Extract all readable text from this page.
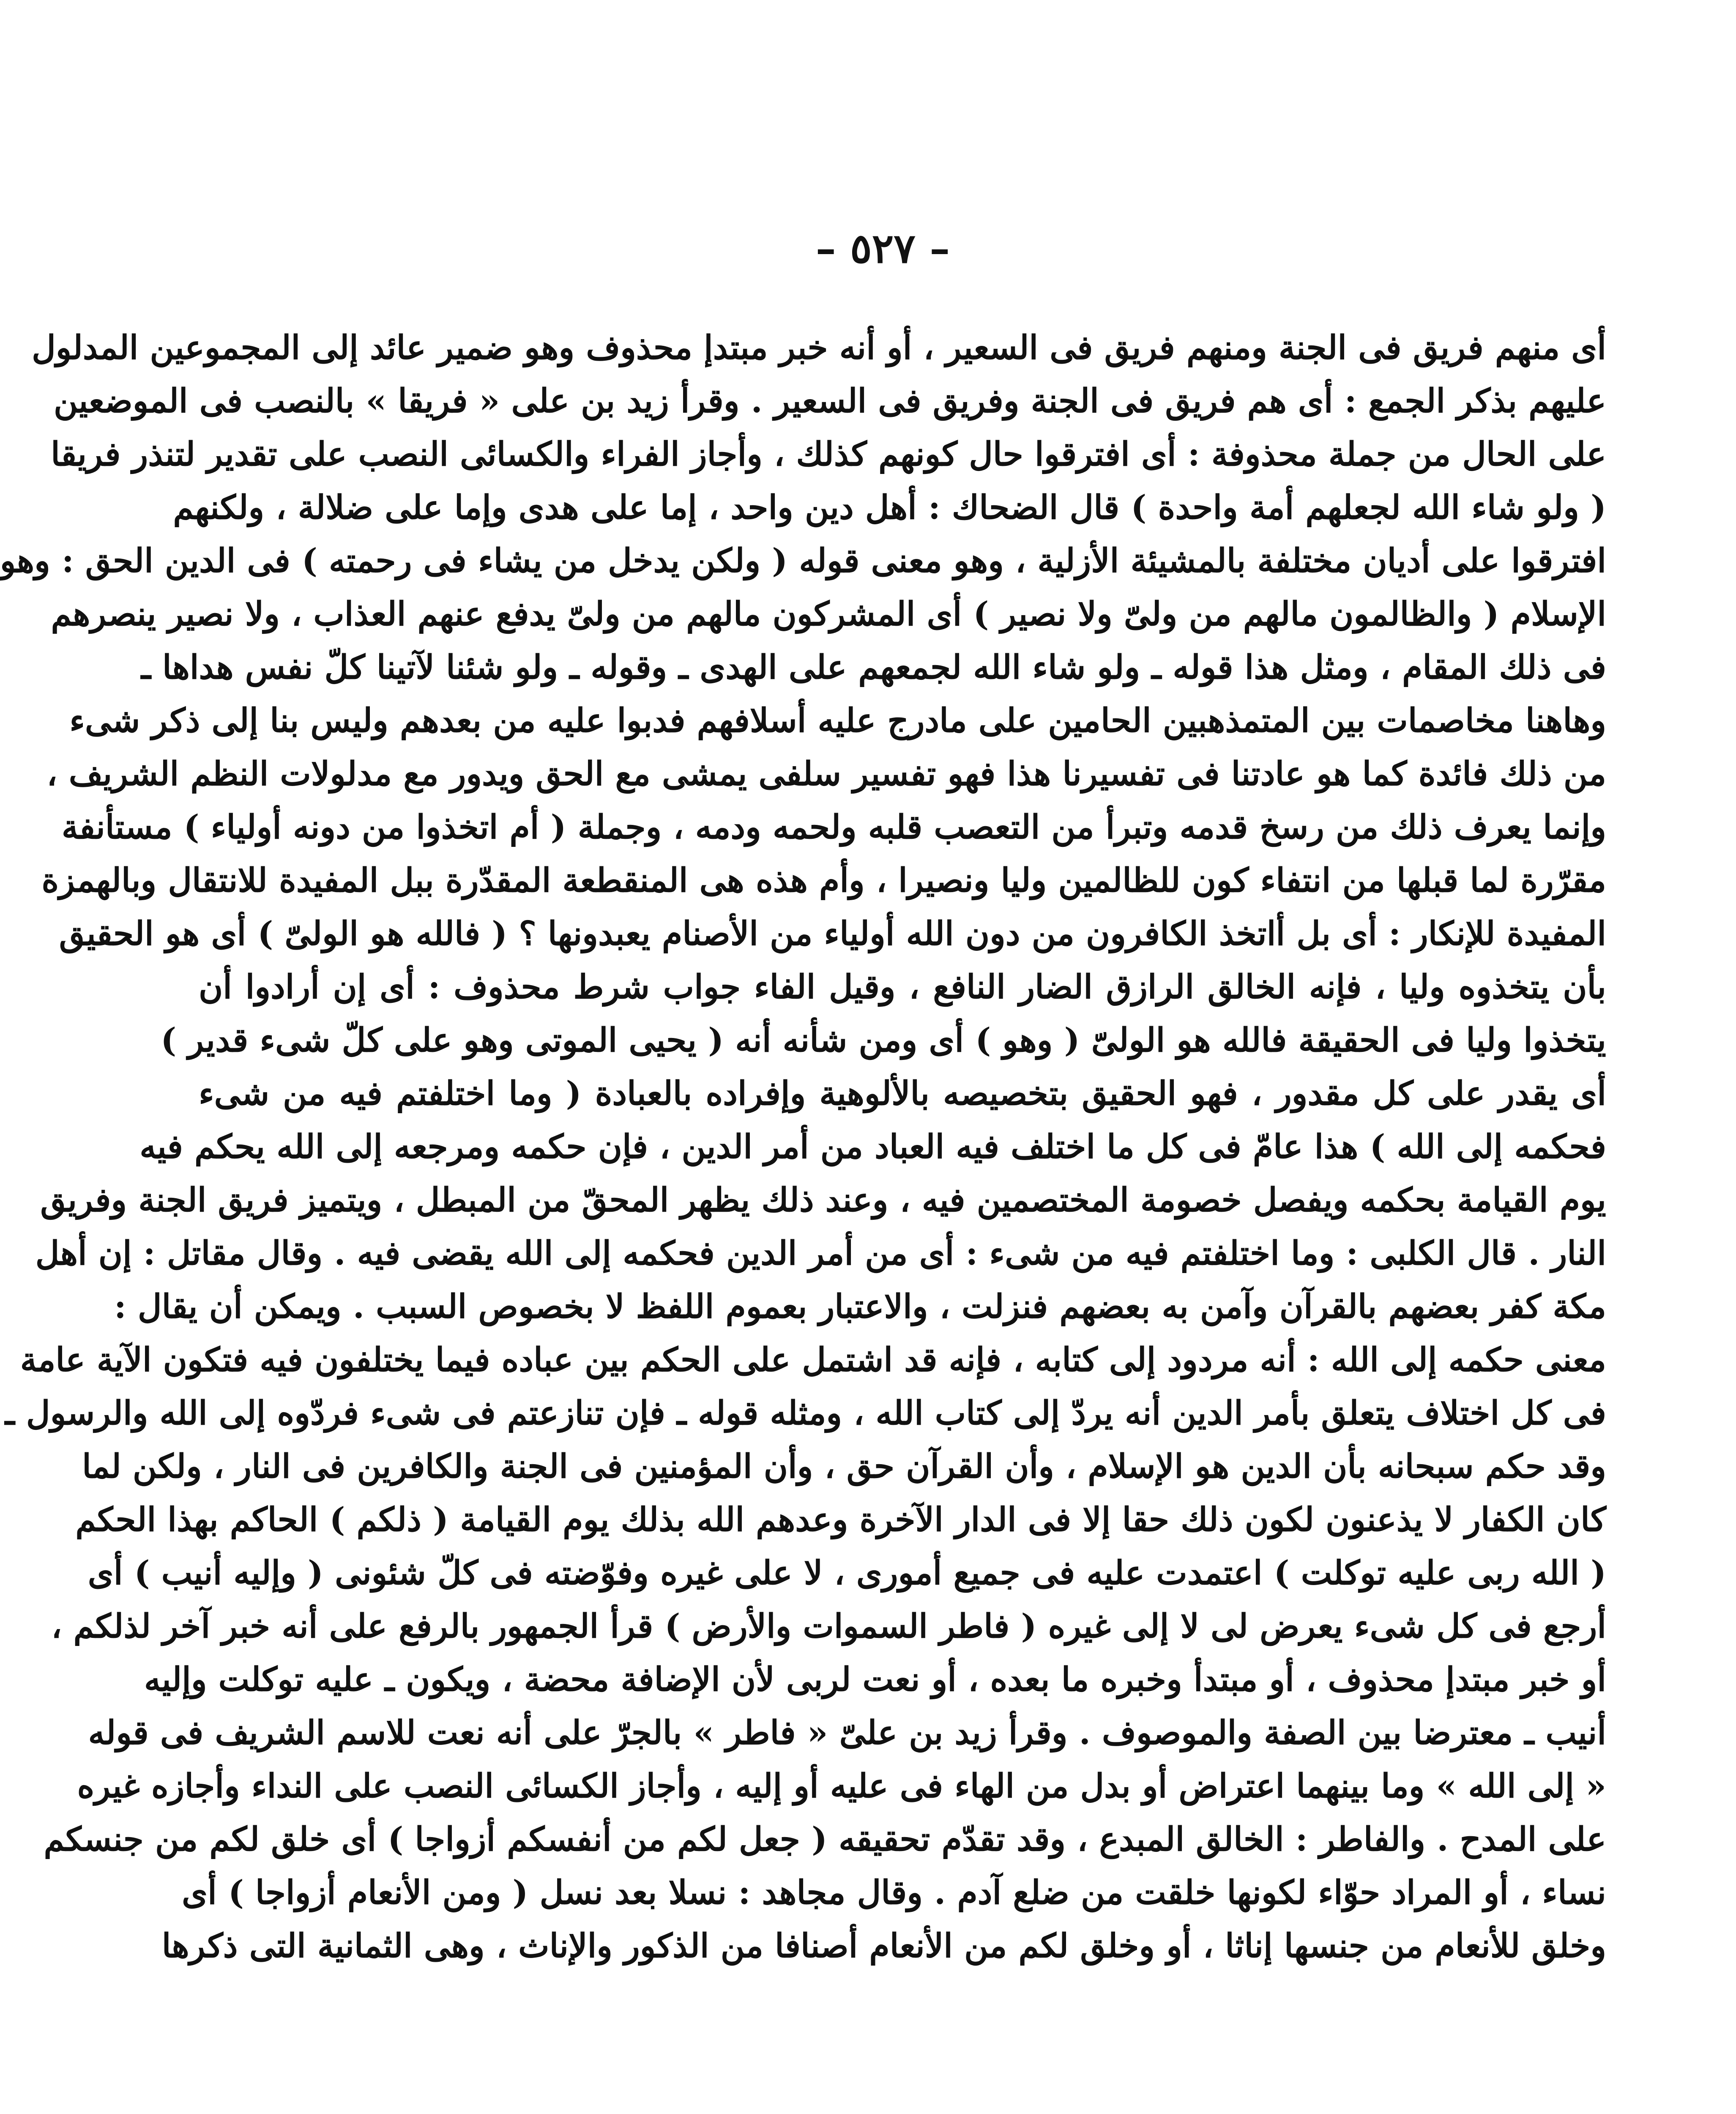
– ٥٢٧ –
أى منهم فريق فى الجنة ومنهم فريق فى السعير ، أو أنه خبر مبتدإ محذوف وهو ضمير عائد إلى المجموعين المدلول
عليهم بذكر الجمع : أى هم فريق فى الجنة وفريق فى السعير . وقرأ زيد بن على « فريقا » بالنصب فى الموضعين
على الحال من جملة محذوفة : أى افترقوا حال كونهم كذلك ، وأجاز الفراء والكسائى النصب على تقدير لتنذر فريقا
( ولو شاء الله لجعلهم أمة واحدة ) قال الضحاك : أهل دين واحد ، إما على هدى وإما على ضلالة ، ولكنهم
افترقوا على أديان مختلفة بالمشيئة الأزلية ، وهو معنى قوله ( ولكن يدخل من يشاء فى رحمته ) فى الدين الحق : وهو
الإسلام ( والظالمون مالهم من ولىّ ولا نصير ) أى المشركون مالهم من ولىّ يدفع عنهم العذاب ، ولا نصير ينصرهم
فى ذلك المقام ، ومثل هذا قوله ـ ولو شاء الله لجمعهم على الهدى ـ وقوله ـ ولو شئنا لآتينا كلّ نفس هداها ـ
وهاهنا مخاصمات بين المتمذهبين الحامين على مادرج عليه أسلافهم فدبوا عليه من بعدهم وليس بنا إلى ذكر شىء
من ذلك فائدة كما هو عادتنا فى تفسيرنا هذا فهو تفسير سلفى يمشى مع الحق ويدور مع مدلولات النظم الشريف ،
وإنما يعرف ذلك من رسخ قدمه وتبرأ من التعصب قلبه ولحمه ودمه ، وجملة ( أم اتخذوا من دونه أولياء ) مستأنفة
مقرّرة لما قبلها من انتفاء كون للظالمين وليا ونصيرا ، وأم هذه هى المنقطعة المقدّرة ببل المفيدة للانتقال وبالهمزة
المفيدة للإنكار : أى بل أاتخذ الكافرون من دون الله أولياء من الأصنام يعبدونها ؟ ( فالله هو الولىّ ) أى هو الحقيق
بأن يتخذوه وليا ، فإنه الخالق الرازق الضار النافع ، وقيل الفاء جواب شرط محذوف : أى إن أرادوا أن
يتخذوا وليا فى الحقيقة فالله هو الولىّ ( وهو ) أى ومن شأنه أنه ( يحيى الموتى وهو على كلّ شىء قدير )
أى يقدر على كل مقدور ، فهو الحقيق بتخصيصه بالألوهية وإفراده بالعبادة ( وما اختلفتم فيه من شىء
فحكمه إلى الله ) هذا عامّ فى كل ما اختلف فيه العباد من أمر الدين ، فإن حكمه ومرجعه إلى الله يحكم فيه
يوم القيامة بحكمه ويفصل خصومة المختصمين فيه ، وعند ذلك يظهر المحقّ من المبطل ، ويتميز فريق الجنة وفريق
النار . قال الكلبى : وما اختلفتم فيه من شىء : أى من أمر الدين فحكمه إلى الله يقضى فيه . وقال مقاتل : إن أهل
مكة كفر بعضهم بالقرآن وآمن به بعضهم فنزلت ، والاعتبار بعموم اللفظ لا بخصوص السبب . ويمكن أن يقال :
معنى حكمه إلى الله : أنه مردود إلى كتابه ، فإنه قد اشتمل على الحكم بين عباده فيما يختلفون فيه فتكون الآية عامة
فى كل اختلاف يتعلق بأمر الدين أنه يردّ إلى كتاب الله ، ومثله قوله ـ فإن تنازعتم فى شىء فردّوه إلى الله والرسول ـ
وقد حكم سبحانه بأن الدين هو الإسلام ، وأن القرآن حق ، وأن المؤمنين فى الجنة والكافرين فى النار ، ولكن لما
كان الكفار لا يذعنون لكون ذلك حقا إلا فى الدار الآخرة وعدهم الله بذلك يوم القيامة ( ذلكم ) الحاكم بهذا الحكم
( الله ربى عليه توكلت ) اعتمدت عليه فى جميع أمورى ، لا على غيره وفوّضته فى كلّ شئونى ( وإليه أنيب ) أى
أرجع فى كل شىء يعرض لى لا إلى غيره ( فاطر السموات والأرض ) قرأ الجمهور بالرفع على أنه خبر آخر لذلكم ،
أو خبر مبتدإ محذوف ، أو مبتدأ وخبره ما بعده ، أو نعت لربى لأن الإضافة محضة ، ويكون ـ عليه توكلت وإليه
أنيب ـ معترضا بين الصفة والموصوف . وقرأ زيد بن علىّ « فاطر » بالجرّ على أنه نعت للاسم الشريف فى قوله
« إلى الله » وما بينهما اعتراض أو بدل من الهاء فى عليه أو إليه ، وأجاز الكسائى النصب على النداء وأجازه غيره
على المدح . والفاطر : الخالق المبدع ، وقد تقدّم تحقيقه ( جعل لكم من أنفسكم أزواجا ) أى خلق لكم من جنسكم
نساء ، أو المراد حوّاء لكونها خلقت من ضلع آدم . وقال مجاهد : نسلا بعد نسل ( ومن الأنعام أزواجا ) أى
وخلق للأنعام من جنسها إناثا ، أو وخلق لكم من الأنعام أصنافا من الذكور والإناث ، وهى الثمانية التى ذكرها
